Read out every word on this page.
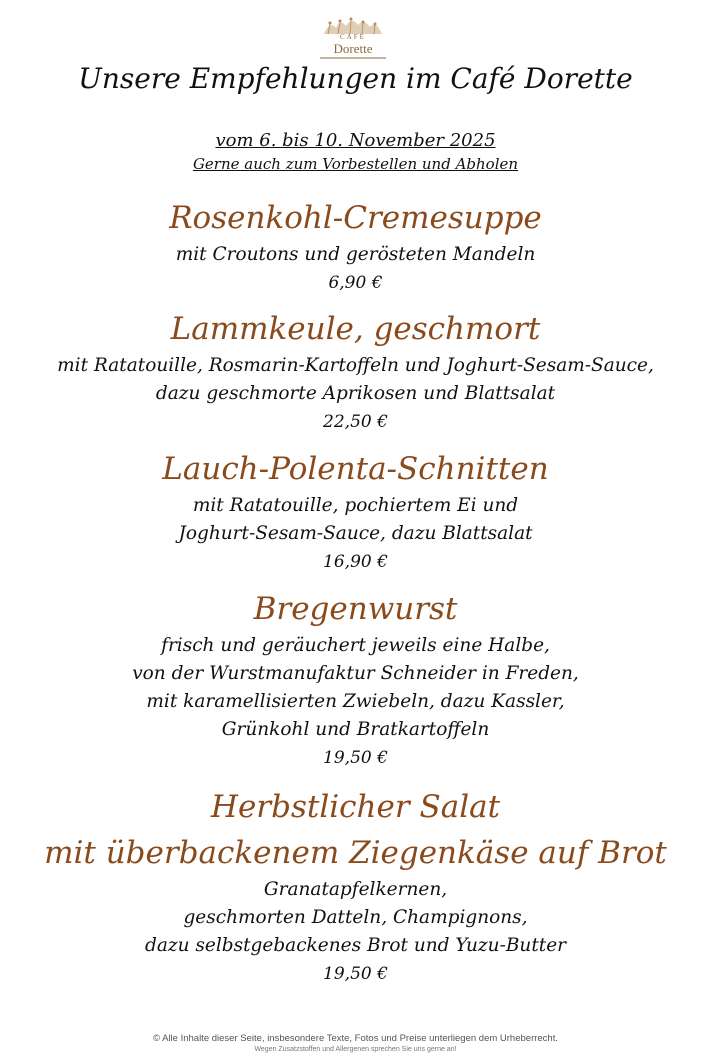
CAFE
Dorette
Unsere Empfehlungen im Café Dorette
vom 6. bis 10. November 2025
Gerne auch zum Vorbestellen und Abholen
Rosenkohl-Cremesuppe
mit Croutons und gerösteten Mandeln
6,90 €
Lammkeule, geschmort
mit Ratatouille, Rosmarin-Kartoffeln und Joghurt-Sesam-Sauce,
dazu geschmorte Aprikosen und Blattsalat
22,50 €
Lauch-Polenta-Schnitten
mit Ratatouille, pochiertem Ei und
Joghurt-Sesam-Sauce, dazu Blattsalat
16,90 €
Bregenwurst
frisch und geräuchert jeweils eine Halbe,
von der Wurstmanufaktur Schneider in Freden,
mit karamellisierten Zwiebeln, dazu Kassler,
Grünkohl und Bratkartoffeln
19,50 €
Herbstlicher Salat
mit überbackenem Ziegenkäse auf Brot
Granatapfelkernen,
geschmorten Datteln, Champignons,
dazu selbstgebackenes Brot und Yuzu-Butter
19,50 €
© Alle Inhalte dieser Seite, insbesondere Texte, Fotos und Preise unterliegen dem Urheberrecht.
Wegen Zusatzstoffen und Allergenen sprechen Sie uns gerne an!
